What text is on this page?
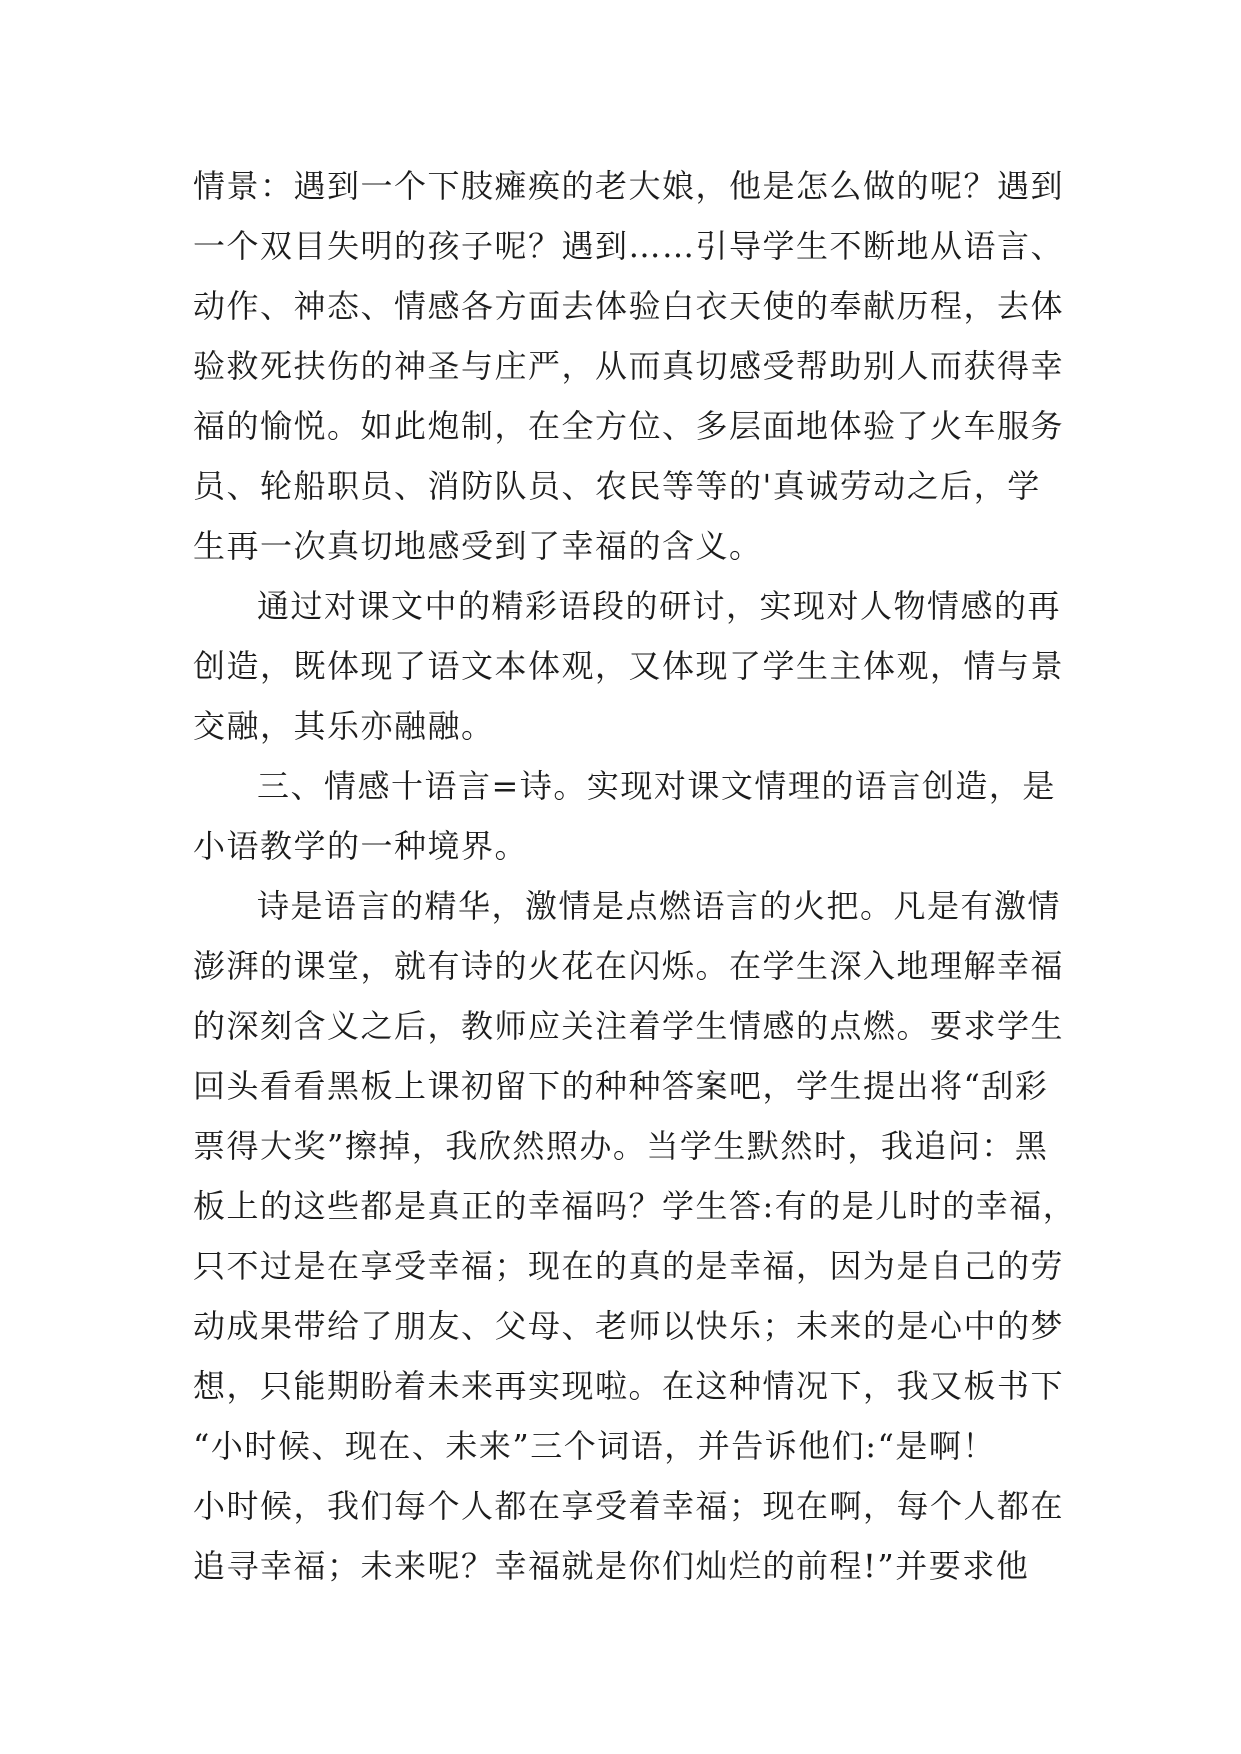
情景：遇到一个下肢瘫痪的老大娘，他是怎么做的呢？遇到
一个双目失明的孩子呢？遇到……引导学生不断地从语言、
动作、神态、情感各方面去体验白衣天使的奉献历程，去体
验救死扶伤的神圣与庄严，从而真切感受帮助别人而获得幸
福的愉悦。如此炮制，在全方位、多层面地体验了火车服务
员、轮船职员、消防队员、农民等等的'真诚劳动之后，学
生再一次真切地感受到了幸福的含义。
通过对课文中的精彩语段的研讨，实现对人物情感的再
创造，既体现了语文本体观，又体现了学生主体观，情与景
交融，其乐亦融融。
三、情感十语言=诗。实现对课文情理的语言创造，是
小语教学的一种境界。
诗是语言的精华，激情是点燃语言的火把。凡是有激情
澎湃的课堂，就有诗的火花在闪烁。在学生深入地理解幸福
的深刻含义之后，教师应关注着学生情感的点燃。要求学生
回头看看黑板上课初留下的种种答案吧，学生提出将“刮彩
票得大奖”擦掉，我欣然照办。当学生默然时，我追问：黑
板上的这些都是真正的幸福吗？学生答:有的是儿时的幸福，
只不过是在享受幸福；现在的真的是幸福，因为是自己的劳
动成果带给了朋友、父母、老师以快乐；未来的是心中的梦
想，只能期盼着未来再实现啦。在这种情况下，我又板书下
“小时候、现在、未来”三个词语，并告诉他们:“是啊！
小时候，我们每个人都在享受着幸福；现在啊，每个人都在
追寻幸福；未来呢？幸福就是你们灿烂的前程!”并要求他
